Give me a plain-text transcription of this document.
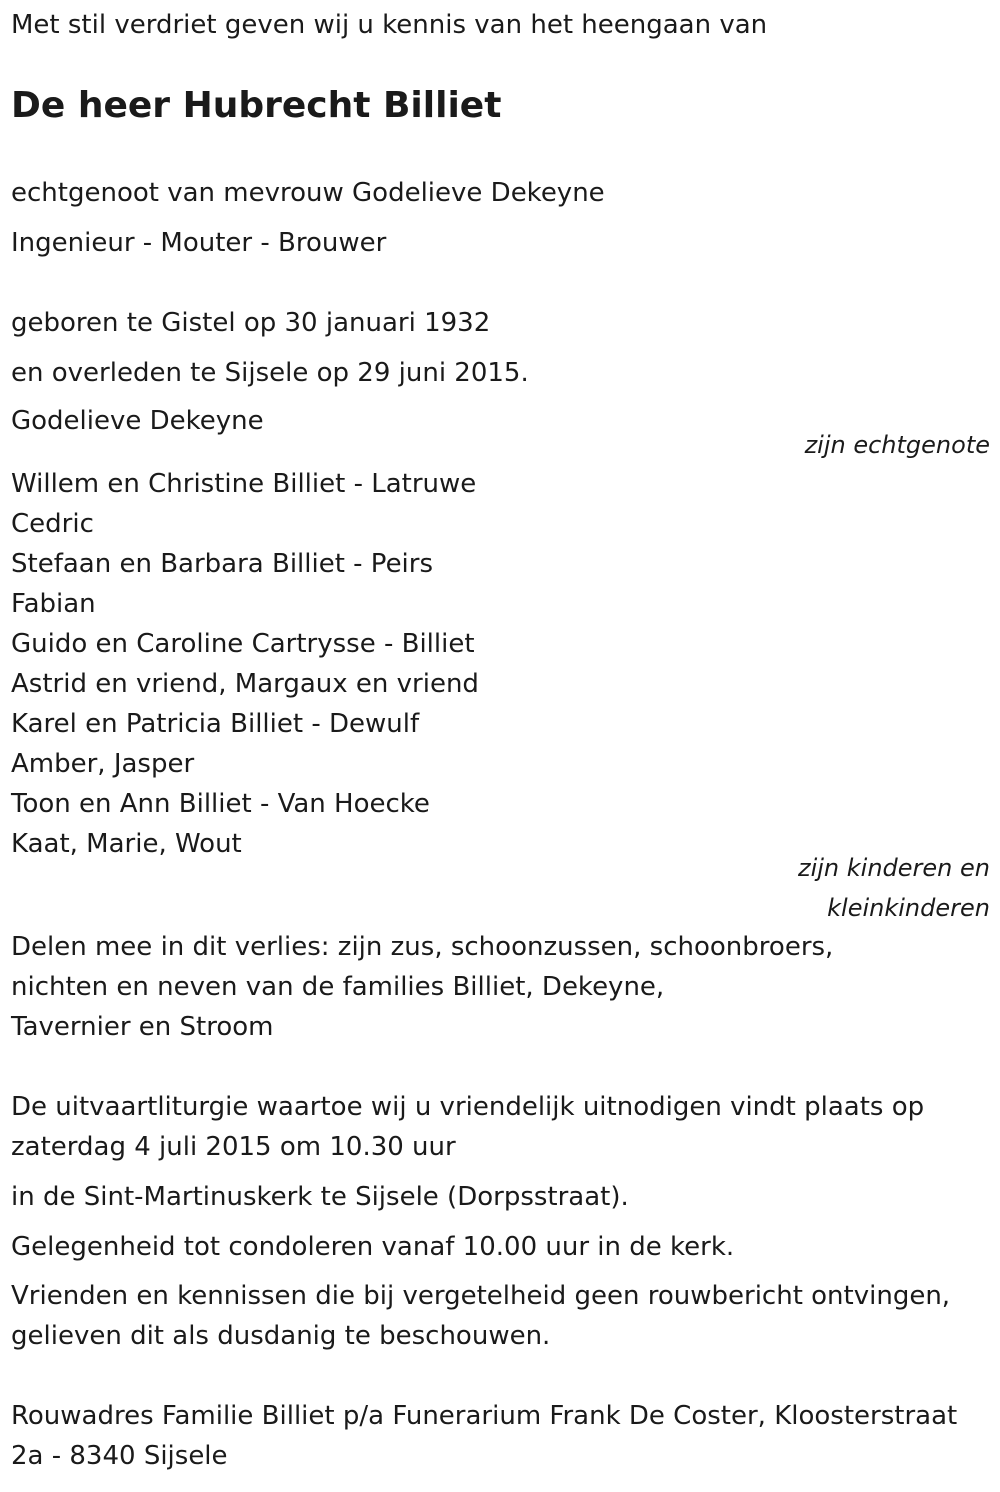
Met stil verdriet geven wij u kennis van het heengaan van

De heer Hubrecht Billiet

echtgenoot van mevrouw Godelieve Dekeyne

Ingenieur - Mouter - Brouwer

geboren te Gistel op 30 januari 1932

en overleden te Sijsele op 29 juni 2015.

Godelieve Dekeyne

zijn echtgenote

Willem en Christine Billiet - Latruwe

Cedric

Stefaan en Barbara Billiet - Peirs

Fabian

Guido en Caroline Cartrysse - Billiet

Astrid en vriend, Margaux en vriend

Karel en Patricia Billiet - Dewulf

Amber, Jasper

Toon en Ann Billiet - Van Hoecke

Kaat, Marie, Wout

zijn kinderen en

kleinkinderen

Delen mee in dit verlies: zijn zus, schoonzussen, schoonbroers,

nichten en neven van de families Billiet, Dekeyne,

Tavernier en Stroom

De uitvaartliturgie waartoe wij u vriendelijk uitnodigen vindt plaats op

zaterdag 4 juli 2015 om 10.30 uur

in de Sint-Martinuskerk te Sijsele (Dorpsstraat).

Gelegenheid tot condoleren vanaf 10.00 uur in de kerk.

Vrienden en kennissen die bij vergetelheid geen rouwbericht ontvingen,

gelieven dit als dusdanig te beschouwen.

Rouwadres Familie Billiet p/a Funerarium Frank De Coster, Kloosterstraat

2a - 8340 Sijsele
